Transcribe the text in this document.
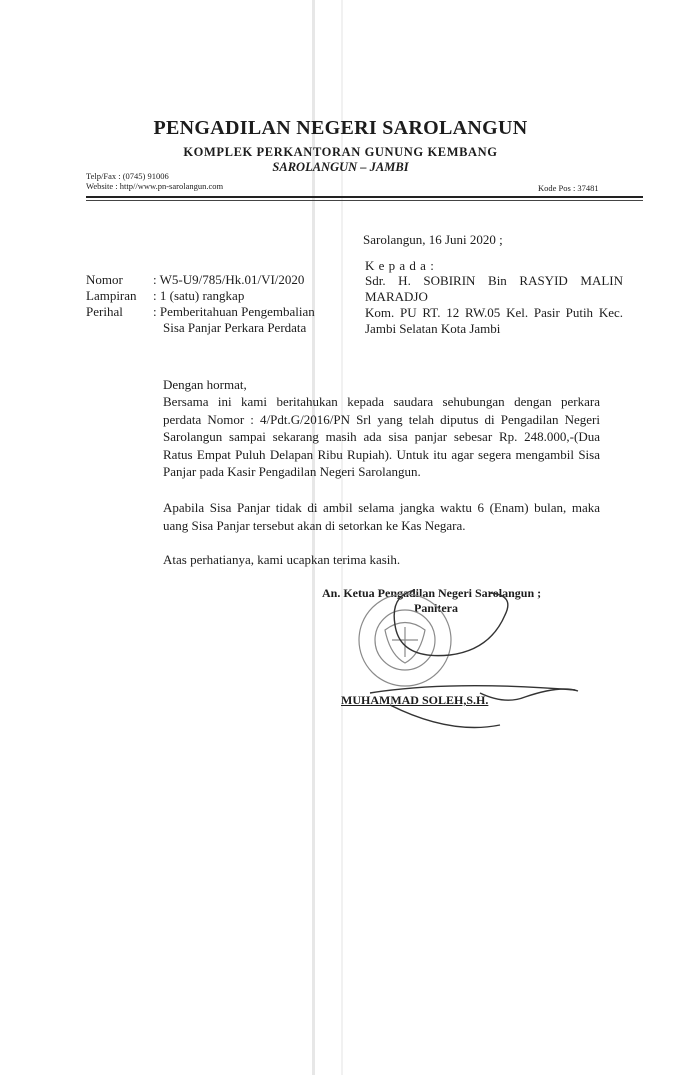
PENGADILAN NEGERI SAROLANGUN
KOMPLEK PERKANTORAN GUNUNG KEMBANG
SAROLANGUN – JAMBI
Telp/Fax : (0745) 91006
Website : http//www.pn-sarolangun.com	Kode Pos : 37481
Sarolangun, 16 Juni 2020 ;
Nomor : W5-U9/785/Hk.01/VI/2020
Lampiran : 1 (satu) rangkap
Perihal : Pemberitahuan Pengembalian
Sisa Panjar Perkara Perdata
K e p a d a :
Sdr. H. SOBIRIN Bin RASYID MALIN
MARADJO
Kom. PU RT. 12 RW.05 Kel. Pasir Putih Kec.
Jambi Selatan Kota Jambi
Dengan hormat,
Bersama ini kami beritahukan kepada saudara sehubungan dengan perkara
perdata Nomor : 4/Pdt.G/2016/PN Srl yang telah diputus di Pengadilan Negeri
Sarolangun sampai sekarang masih ada sisa panjar sebesar Rp. 248.000,-(Dua
Ratus Empat Puluh Delapan Ribu Rupiah). Untuk itu agar segera mengambil Sisa
Panjar pada Kasir Pengadilan Negeri Sarolangun.
Apabila Sisa Panjar tidak di ambil selama jangka waktu 6 (Enam) bulan, maka
uang Sisa Panjar tersebut akan di setorkan ke Kas Negara.
Atas perhatianya, kami ucapkan terima kasih.
An. Ketua Pengadilan Negeri Sarolangun ;
Panitera
MUHAMMAD SOLEH,S.H.
